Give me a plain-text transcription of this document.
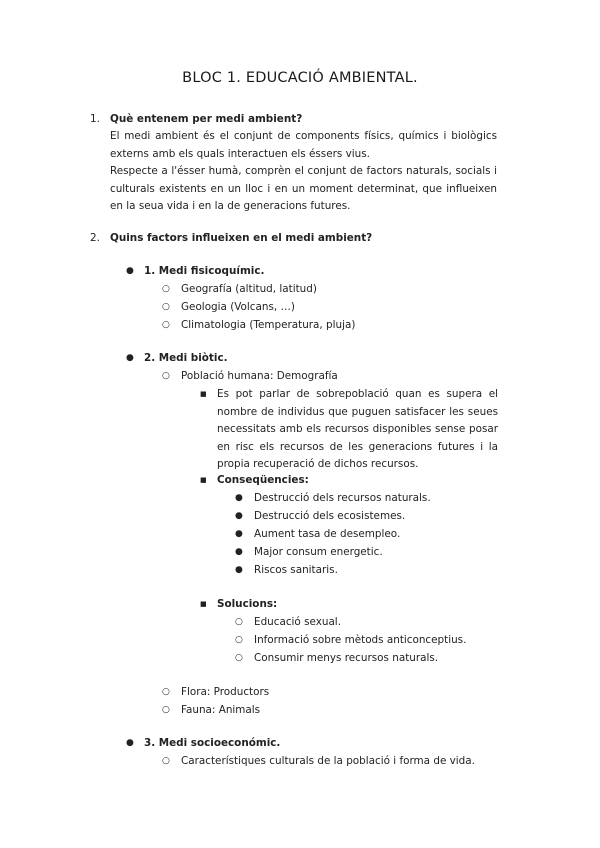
BLOC 1. EDUCACIÓ AMBIENTAL.
1. Què entenem per medi ambient?
El medi ambient és el conjunt de components físics, químics i biològics externs amb els quals interactuen els éssers vius.
Respecte a l'ésser humà, comprèn el conjunt de factors naturals, socials i culturals existents en un lloc i en un moment determinat, que influeixen en la seua vida i en la de generacions futures.
2. Quins factors influeixen en el medi ambient?
● 1. Medi fisicoquímic.
○ Geografía (altitud, latitud)
○ Geologia (Volcans, …)
○ Climatologia (Temperatura, pluja)
● 2. Medi biòtic.
○ Població humana: Demografía
■ Es pot parlar de sobrepoblació quan es supera el nombre de individus que puguen satisfacer les seues necessitats amb els recursos disponibles sense posar en risc els recursos de les generacions futures i la propia recuperació de dichos recursos.
■ Conseqüencies:
● Destrucció dels recursos naturals.
● Destrucció dels ecosistemes.
● Aument tasa de desempleo.
● Major consum energetic.
● Riscos sanitaris.
■ Solucions:
○ Educació sexual.
○ Informació sobre mètods anticonceptius.
○ Consumir menys recursos naturals.
○ Flora: Productors
○ Fauna: Animals
● 3. Medi socioeconómic.
○ Característiques culturals de la població i forma de vida.
